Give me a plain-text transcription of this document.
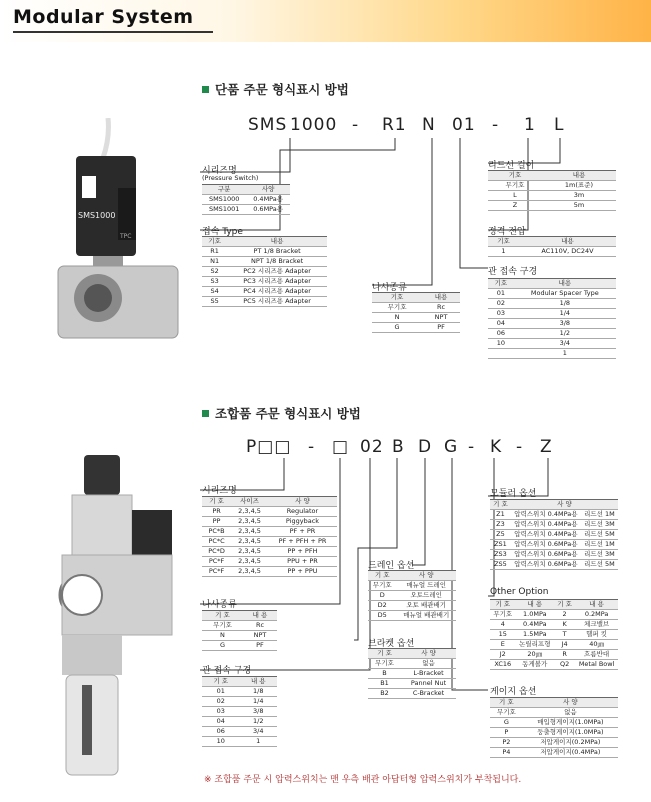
Modular System
단품 주문 형식표시 방법
SMS 1000 - R1 N 01 - 1 L
SMS1000
TPC
시리즈명
(Pressure Switch)
구분	사양
SMS1000	0.4MPa용
SMS1001	0.6MPa용
접속 Type
기호	내용
R1	PT 1/8 Bracket
N1	NPT 1/8 Bracket
S2	PC2 시리즈용 Adapter
S3	PC3 시리즈용 Adapter
S4	PC4 시리즈용 Adapter
S5	PC5 시리즈용 Adapter
나사종류
기호	내용
무기호	Rc
N	NPT
G	PF
리드선 길이
기호	내용
무기호	1m(표준)
L	3m
Z	5m
정격 전압
기호	내용
1	AC110V, DC24V
관 접속 구경
기호	내용
01	Modular Spacer Type
02	1/8
03	1/4
04	3/8
06	1/2
10	3/4
	1
조합품 주문 형식표시 방법
P□□ - □ 02 B D G - K - Z
시리즈명
기 호	사이즈	사 양
PR	2,3,4,5	Regulator
PP	2,3,4,5	Piggyback
PC*B	2,3,4,5	PF + PR
PC*C	2,3,4,5	PF + PFH + PR
PC*D	2,3,4,5	PP + PFH
PC*F	2,3,4,5	PPU + PR
PC*F	2,3,4,5	PP + PPU
나사종류
기 호	내 용
무기호	Rc
N	NPT
G	PF
관 접속 구경
기 호	내 용
01	1/8
02	1/4
03	3/8
04	1/2
06	3/4
10	1
드레인 옵션
기 호	사 양
무기호	매뉴얼 드레인
D	오토드레인
D2	오토 배관배기
D5	매뉴얼 배관배기
브라켓 옵션
기 호	사 양
무기호	없음
B	L-Bracket
B1	Pannel Nut
B2	C-Bracket
모듈러 옵션
기 호	사 양	
Z1	압력스위치 0.4MPa용	리드선 1M
Z3	압력스위치 0.4MPa용	리드선 3M
Z5	압력스위치 0.4MPa용	리드선 5M
ZS1	압력스위치 0.6MPa용	리드선 1M
ZS3	압력스위치 0.6MPa용	리드선 3M
ZS5	압력스위치 0.6MPa용	리드선 5M
Other Option
기 호	내 용	기 호	내 용
무기호	1.0MPa	2	0.2MPa
4	0.4MPa	K	체크밸브
15	1.5MPa	T	헬퍼 킷
E	논릴리프형	J4	40㎛
J2	20㎛	R	흐름반대
XC16	동게볼가	Q2	Metal Bowl
게이지 옵션
기 호	사 양
무기호	없음
G	매입형게이지(1.0MPa)
P	둥출형게이지(1.0MPa)
P2	저압게이지(0.2MPa)
P4	저압게이지(0.4MPa)
※ 조합품 주문 시 압력스위치는 맨 우측 배관 아답터형 압력스위치가 부착됩니다.
